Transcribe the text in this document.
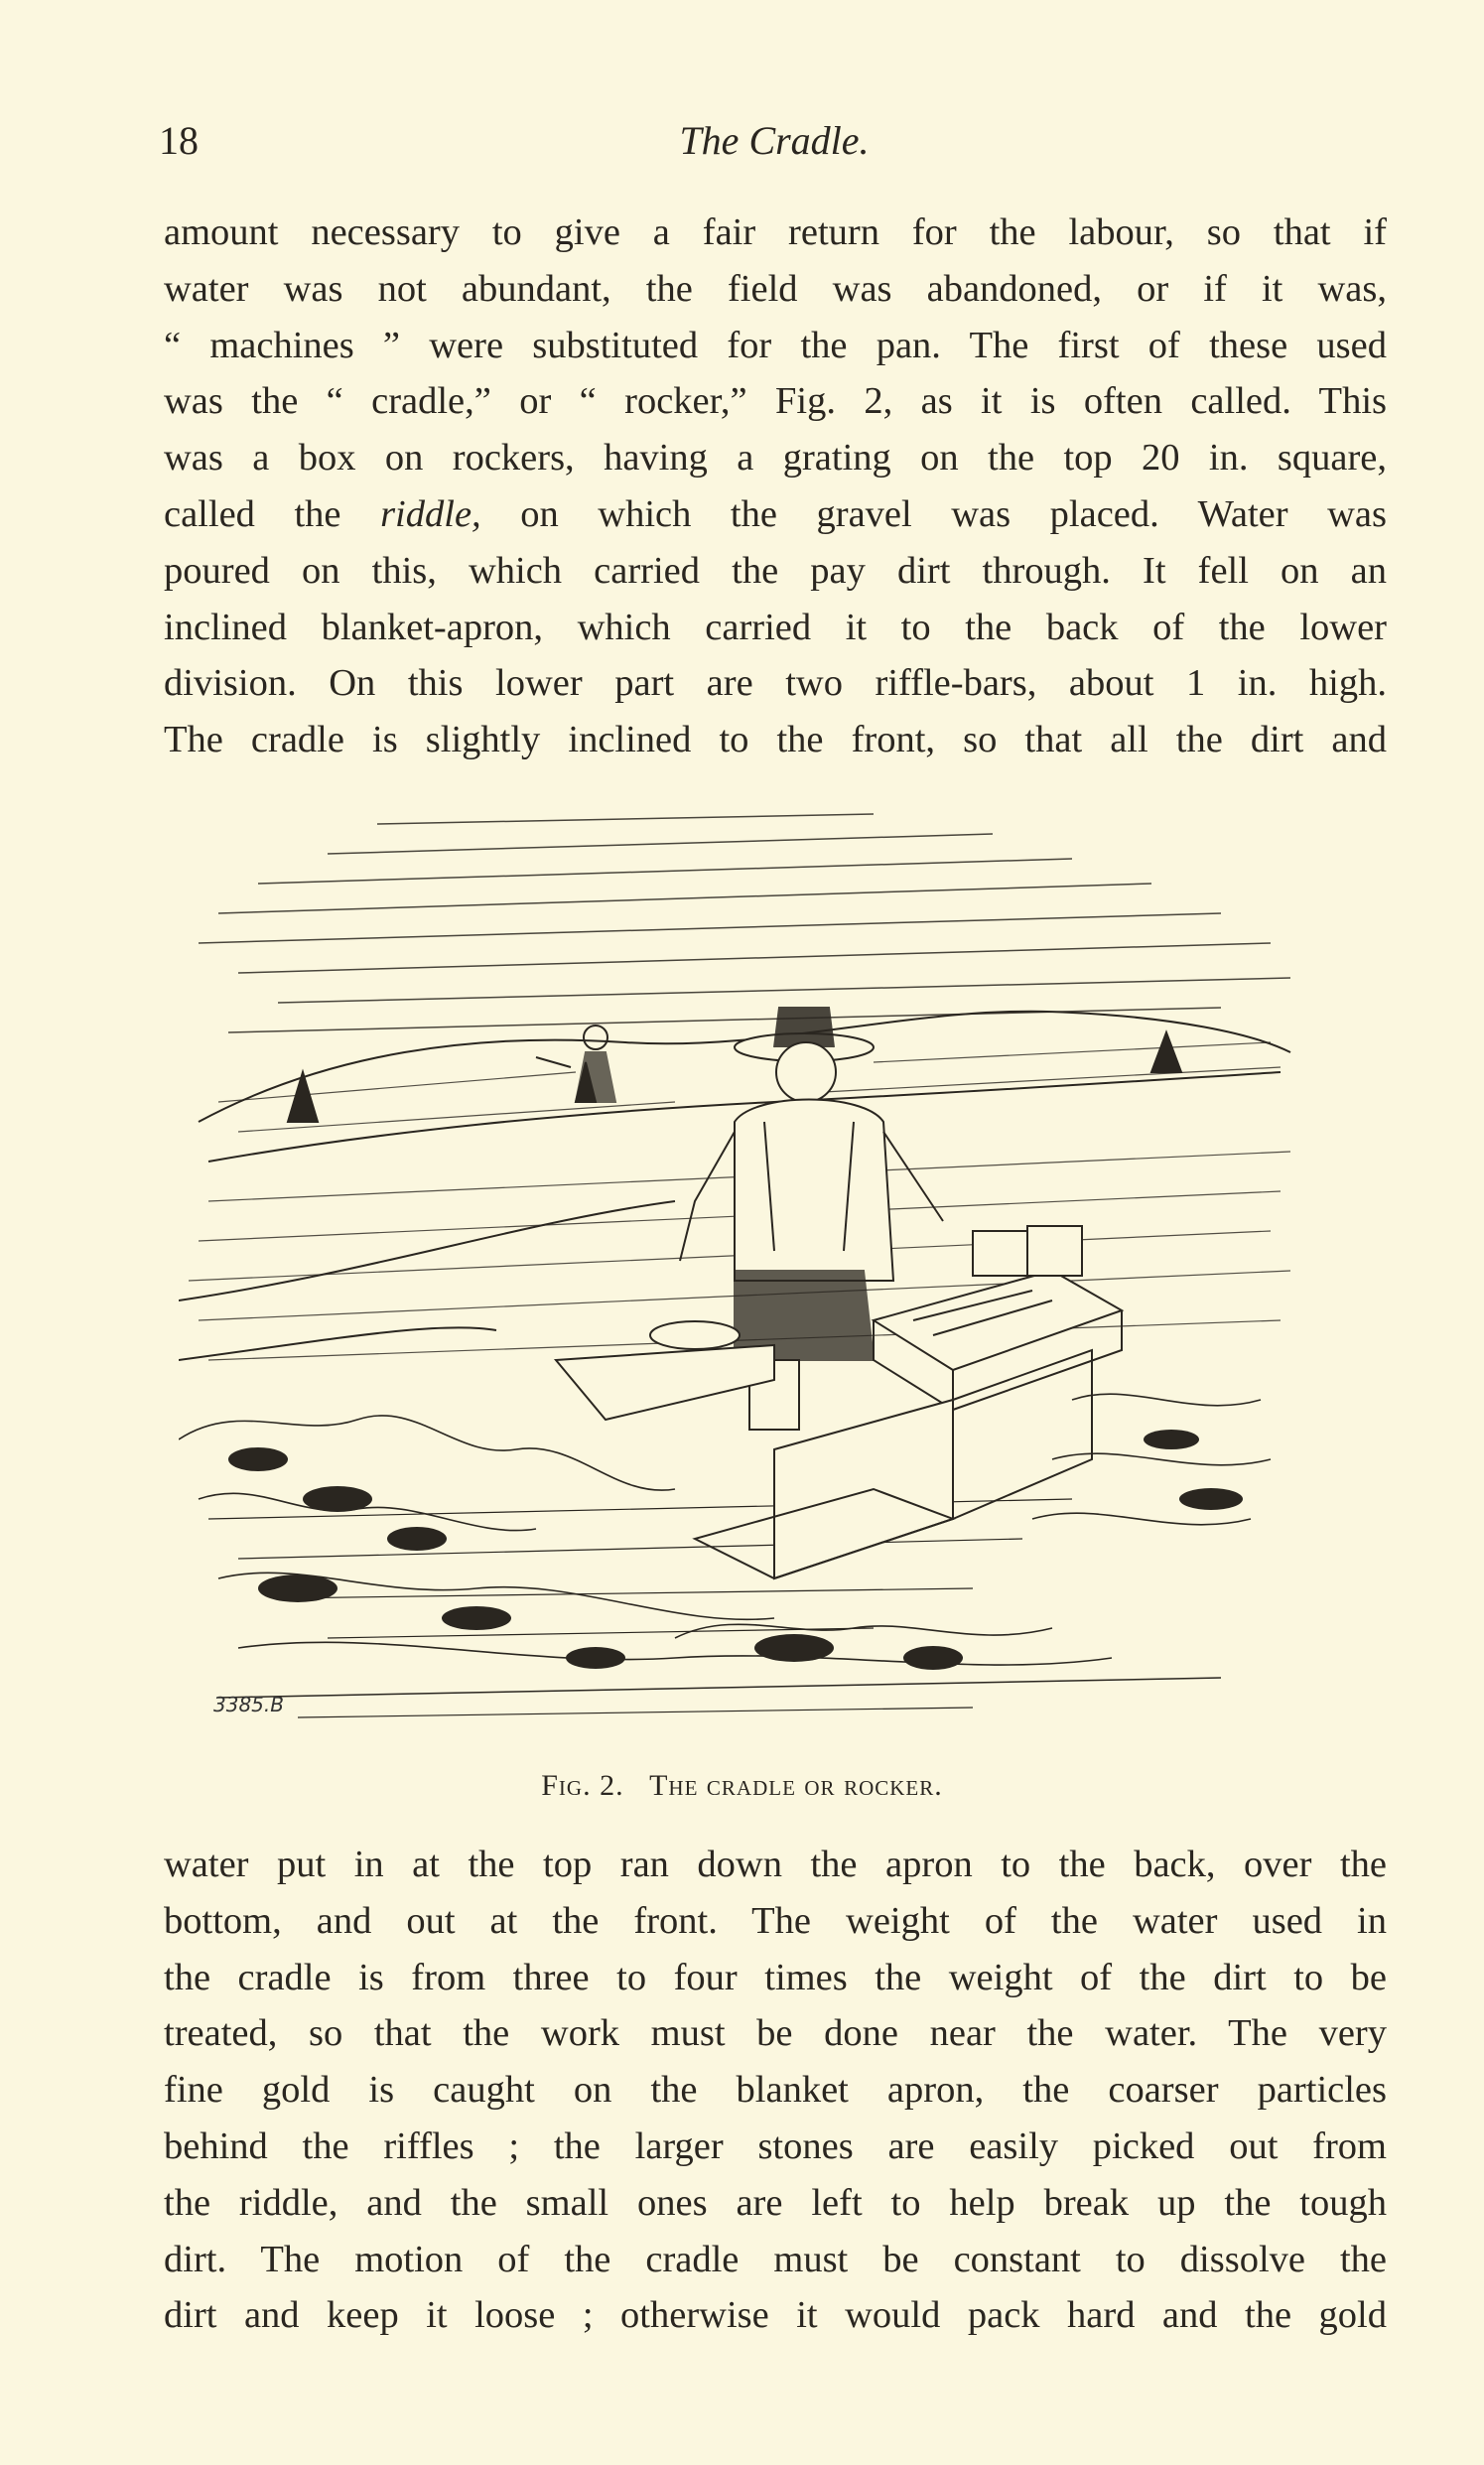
18	The Cradle.
amount necessary to give a fair return for the labour, so that if
water was not abundant, the field was abandoned, or if it was,
“ machines ” were substituted for the pan. The first of these used
was the “ cradle,” or “ rocker,” Fig. 2, as it is often called. This
was a box on rockers, having a grating on the top 20 in. square,
called the riddle, on which the gravel was placed. Water was
poured on this, which carried the pay dirt through. It fell on an
inclined blanket-apron, which carried it to the back of the lower
division. On this lower part are two riffle-bars, about 1 in. high.
The cradle is slightly inclined to the front, so that all the dirt and
3385.B
Fig. 2. The cradle or rocker.
water put in at the top ran down the apron to the back, over the
bottom, and out at the front. The weight of the water used in
the cradle is from three to four times the weight of the dirt to be
treated, so that the work must be done near the water. The very
fine gold is caught on the blanket apron, the coarser particles
behind the riffles ; the larger stones are easily picked out from
the riddle, and the small ones are left to help break up the tough
dirt. The motion of the cradle must be constant to dissolve the
dirt and keep it loose ; otherwise it would pack hard and the gold
